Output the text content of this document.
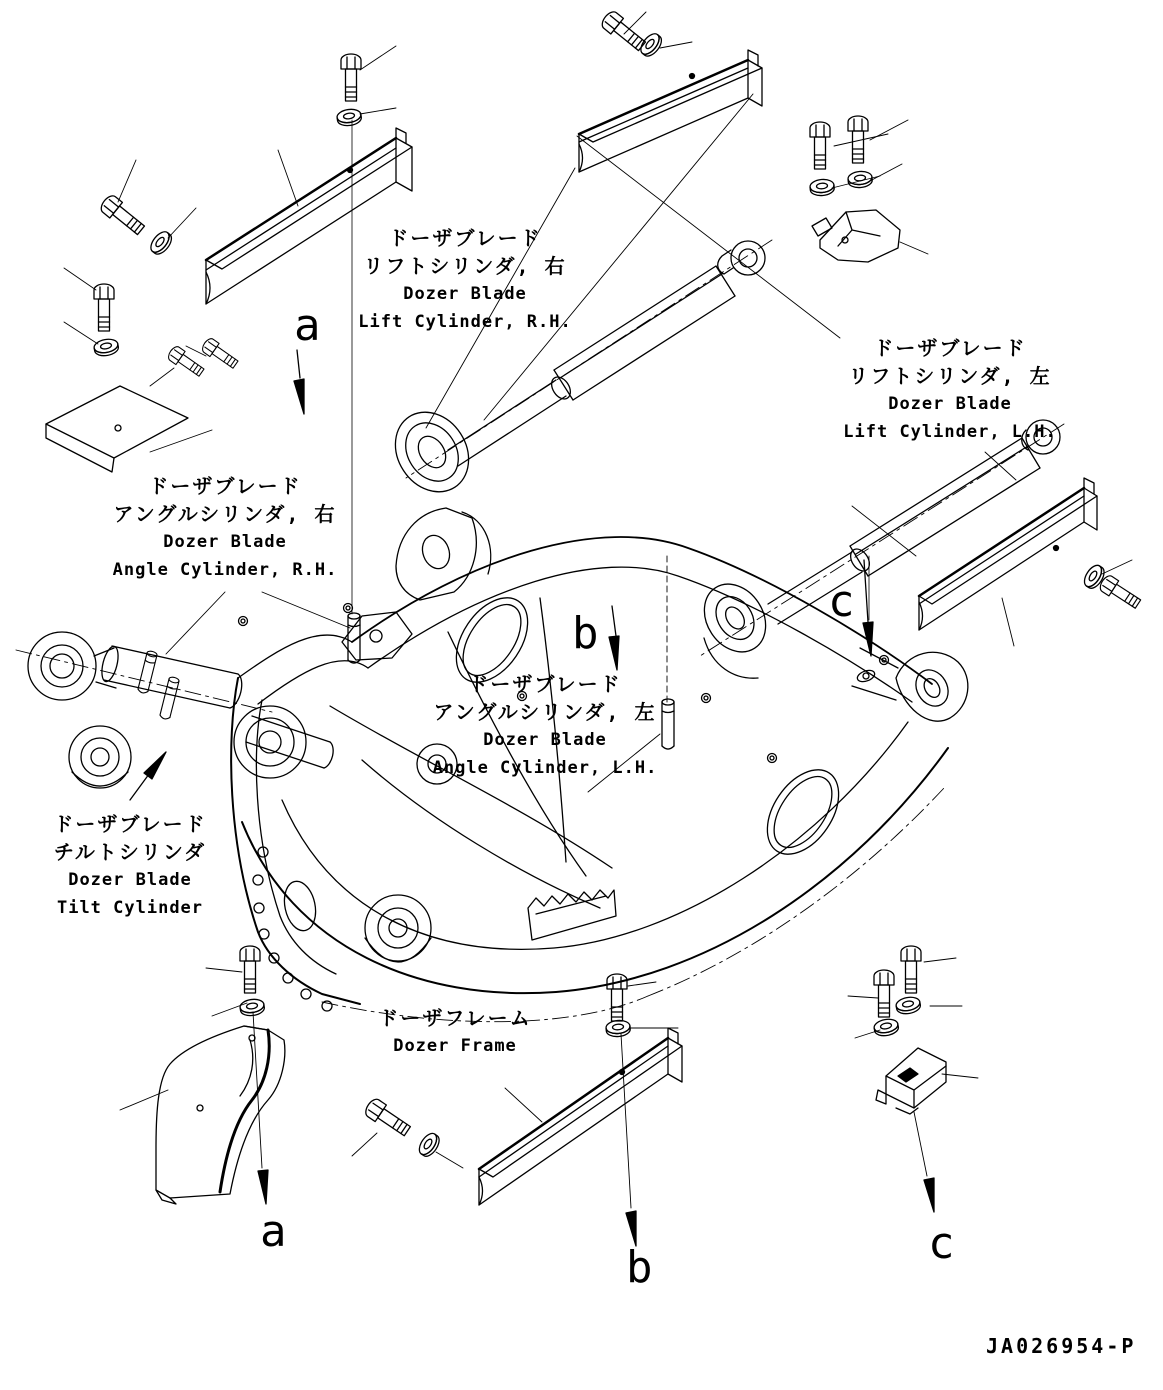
ドーザブレード
リフトシリンダ, 右
Dozer Blade
Lift Cylinder, R.H.
ドーザブレード
リフトシリンダ, 左
Dozer Blade
Lift Cylinder, L.H.
ドーザブレード
アングルシリンダ, 右
Dozer Blade
Angle Cylinder, R.H.
ドーザブレード
アングルシリンダ, 左
Dozer Blade
Angle Cylinder, L.H.
ドーザブレード
チルトシリンダ
Dozer Blade
Tilt Cylinder
ドーザフレーム
Dozer Frame
a
b
c
a
b	c
JA026954-P
